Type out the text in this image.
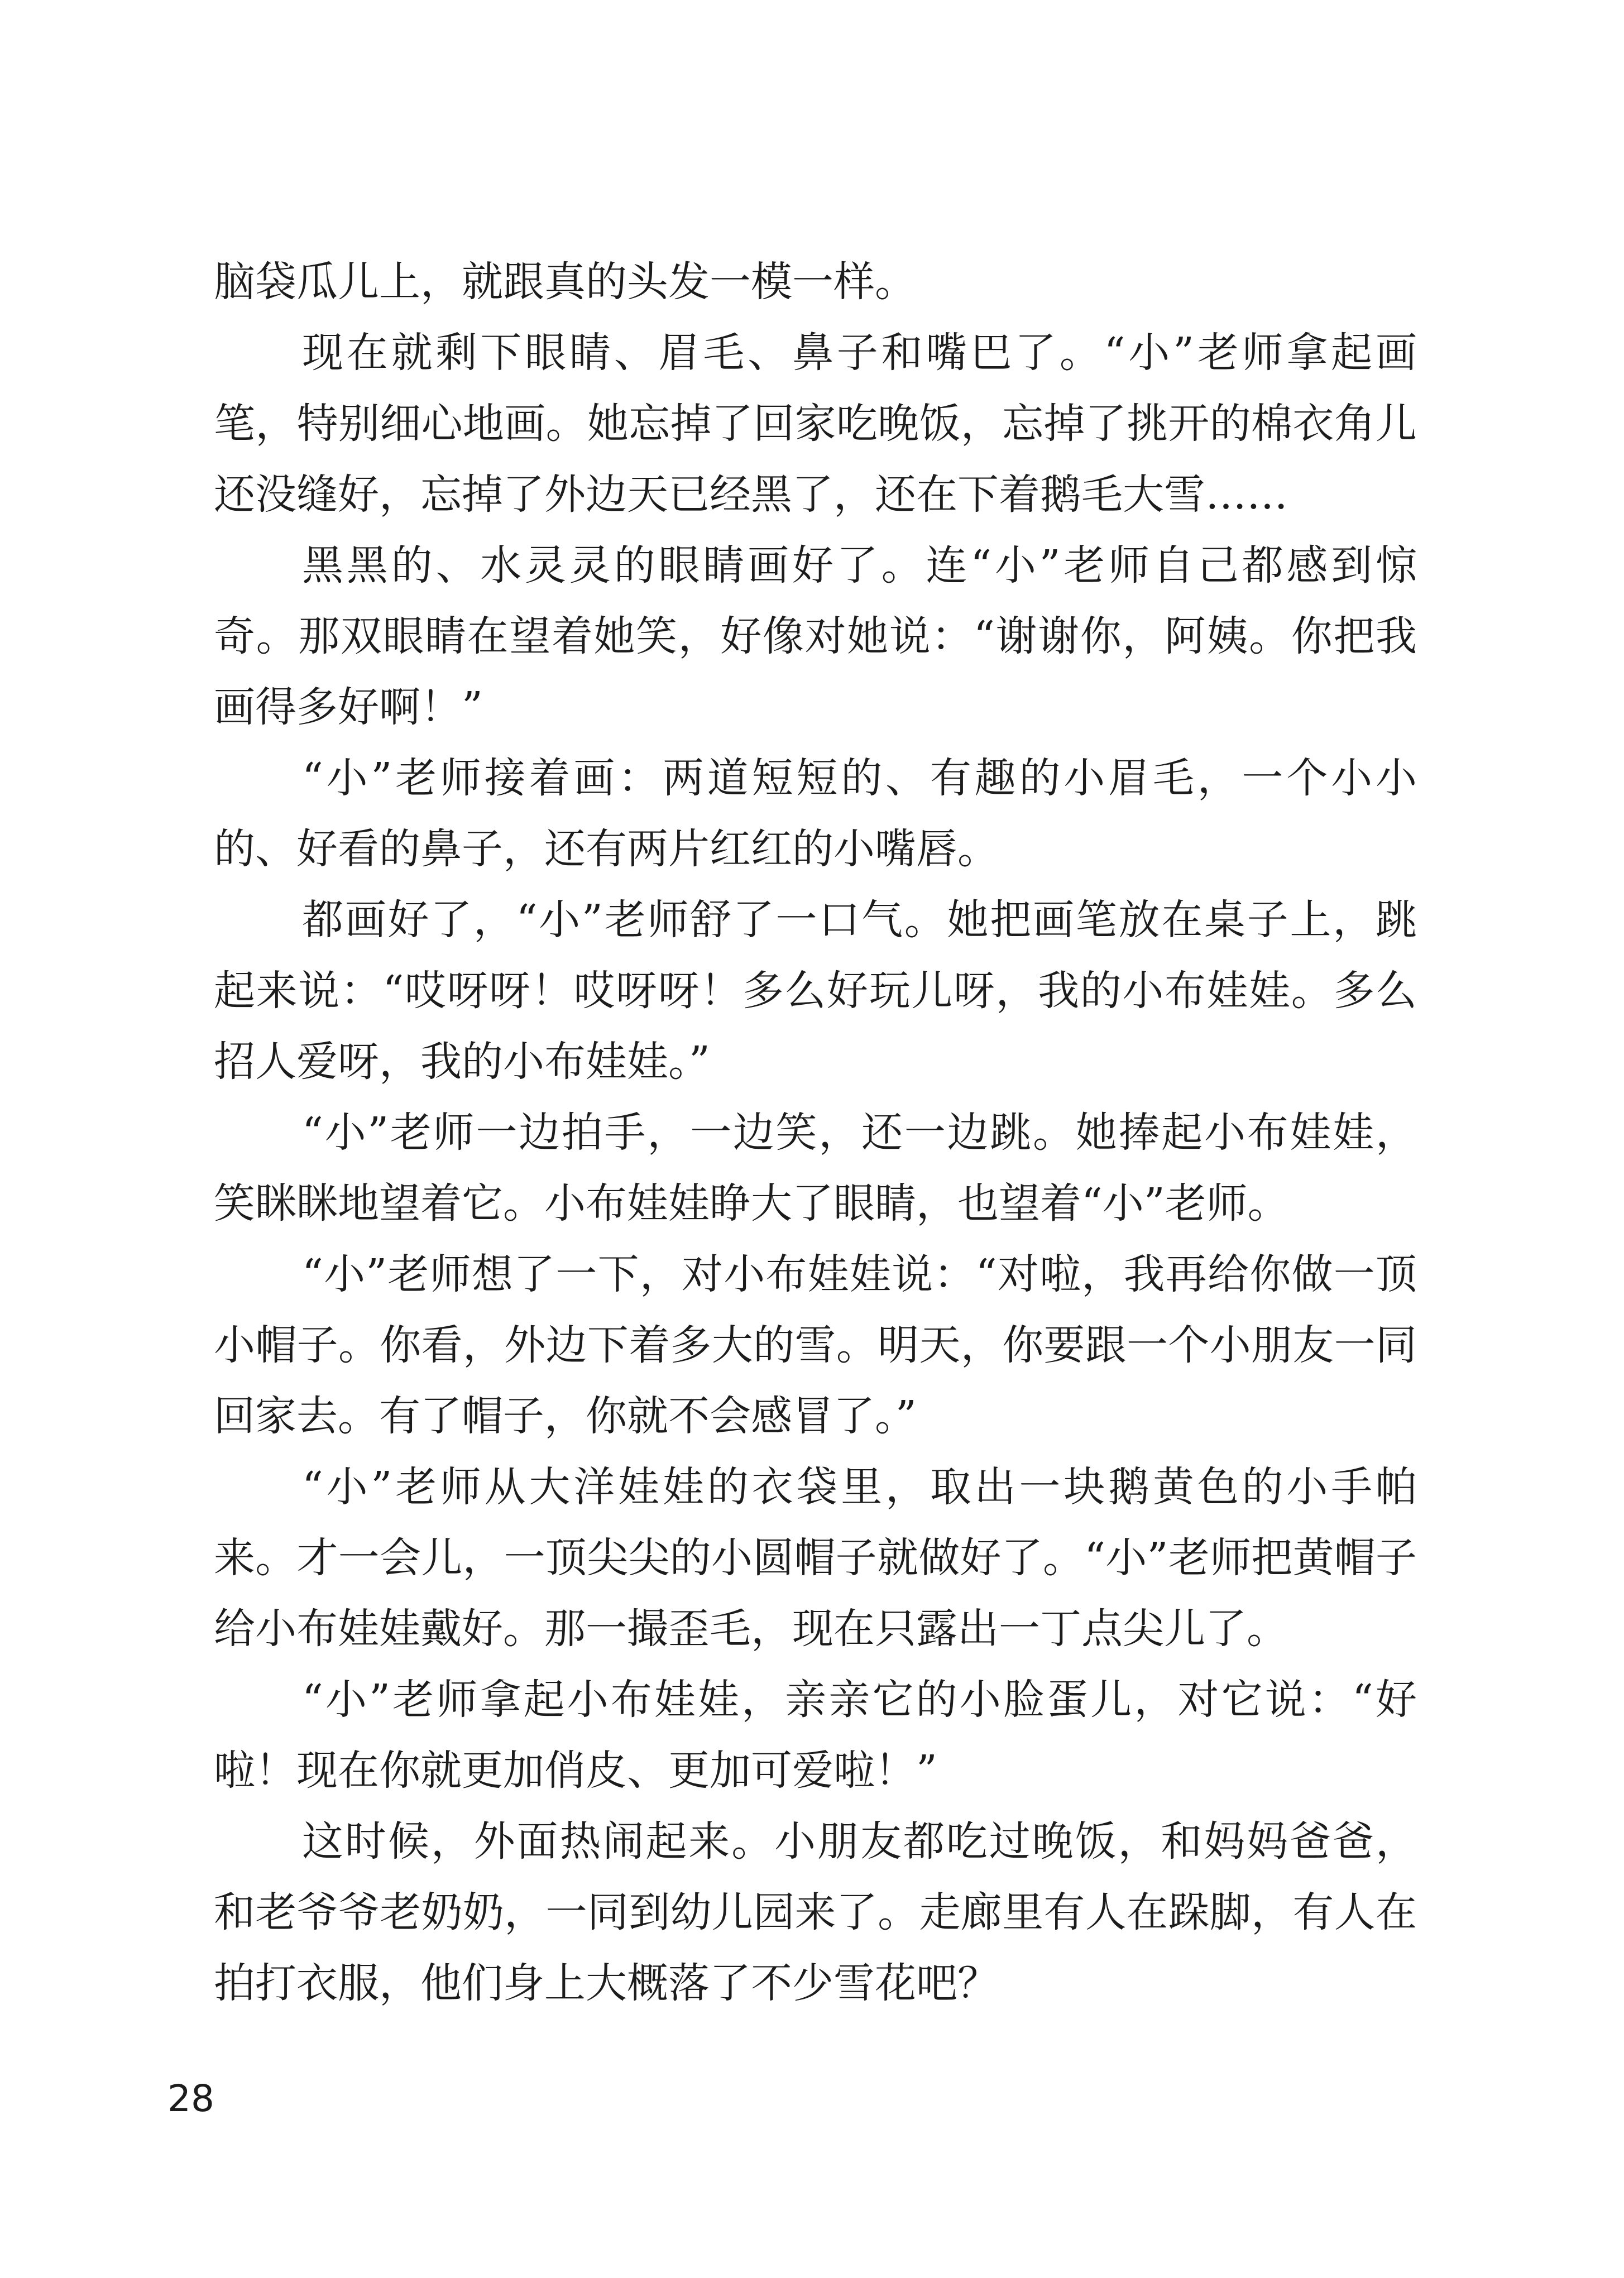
脑袋瓜儿上，就跟真的头发一模一样。

现在就剩下眼睛、眉毛、鼻子和嘴巴了。“小”老师拿起画笔，特别细心地画。她忘掉了回家吃晚饭，忘掉了挑开的棉衣角儿还没缝好，忘掉了外边天已经黑了，还在下着鹅毛大雪……

黑黑的、水灵灵的眼睛画好了。连“小”老师自己都感到惊奇。那双眼睛在望着她笑，好像对她说：“谢谢你，阿姨。你把我画得多好啊！”

“小”老师接着画：两道短短的、有趣的小眉毛，一个小小的、好看的鼻子，还有两片红红的小嘴唇。

都画好了，“小”老师舒了一口气。她把画笔放在桌子上，跳起来说：“哎呀呀！哎呀呀！多么好玩儿呀，我的小布娃娃。多么招人爱呀，我的小布娃娃。”

“小”老师一边拍手，一边笑，还一边跳。她捧起小布娃娃，笑眯眯地望着它。小布娃娃睁大了眼睛，也望着“小”老师。

“小”老师想了一下，对小布娃娃说：“对啦，我再给你做一顶小帽子。你看，外边下着多大的雪。明天，你要跟一个小朋友一同回家去。有了帽子，你就不会感冒了。”

“小”老师从大洋娃娃的衣袋里，取出一块鹅黄色的小手帕来。才一会儿，一顶尖尖的小圆帽子就做好了。“小”老师把黄帽子给小布娃娃戴好。那一撮歪毛，现在只露出一丁点尖儿了。

“小”老师拿起小布娃娃，亲亲它的小脸蛋儿，对它说：“好啦！现在你就更加俏皮、更加可爱啦！”

这时候，外面热闹起来。小朋友都吃过晚饭，和妈妈爸爸，和老爷爷老奶奶，一同到幼儿园来了。走廊里有人在跺脚，有人在拍打衣服，他们身上大概落了不少雪花吧？

28
